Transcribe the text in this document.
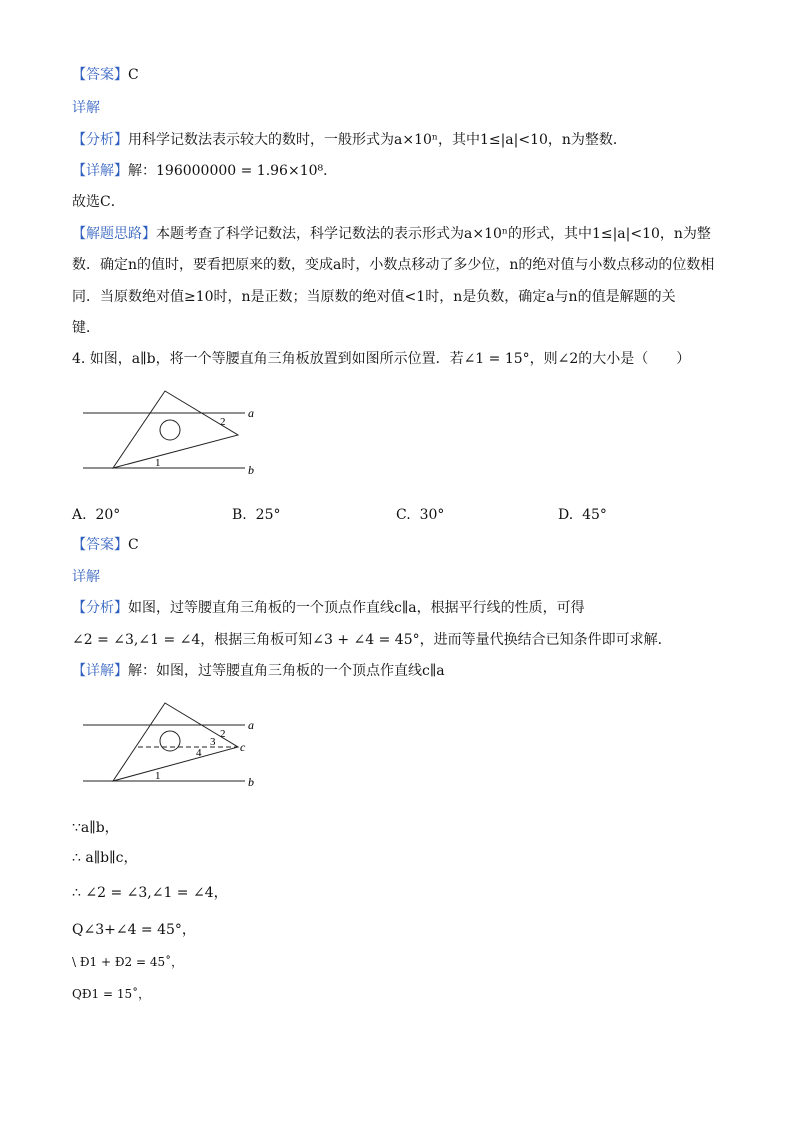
【答案】C
详解
【分析】用科学记数法表示较大的数时，一般形式为a×10ⁿ，其中1≤|a|<10，n为整数．
【详解】解：196000000 = 1.96×10⁸．
故选C．
【解题思路】本题考查了科学记数法，科学记数法的表示形式为a×10ⁿ的形式，其中1≤|a|<10，n为整
数．确定n的值时，要看把原来的数，变成a时，小数点移动了多少位，n的绝对值与小数点移动的位数相
同．当原数绝对值≥10时，n是正数；当原数的绝对值<1时，n是负数，确定a与n的值是解题的关
键．
4. 如图，a∥b，将一个等腰直角三角板放置到如图所示位置．若∠1 = 15°，则∠2的大小是（　　）
a
b
1
2
A. 20°	B. 25°	C. 30°	D. 45°
【答案】C
详解
【分析】如图，过等腰直角三角板的一个顶点作直线c∥a，根据平行线的性质，可得
∠2 = ∠3,∠1 = ∠4，根据三角板可知∠3 + ∠4 = 45°，进而等量代换结合已知条件即可求解．
【详解】解：如图，过等腰直角三角板的一个顶点作直线c∥a
a
b
c
1
2
3
4
∵a∥b，
∴ a∥b∥c，
∴ ∠2 = ∠3,∠1 = ∠4，
Q∠3+∠4 = 45°，
\ Ð1 + Ð2 = 45˚，
QÐ1 = 15˚，
